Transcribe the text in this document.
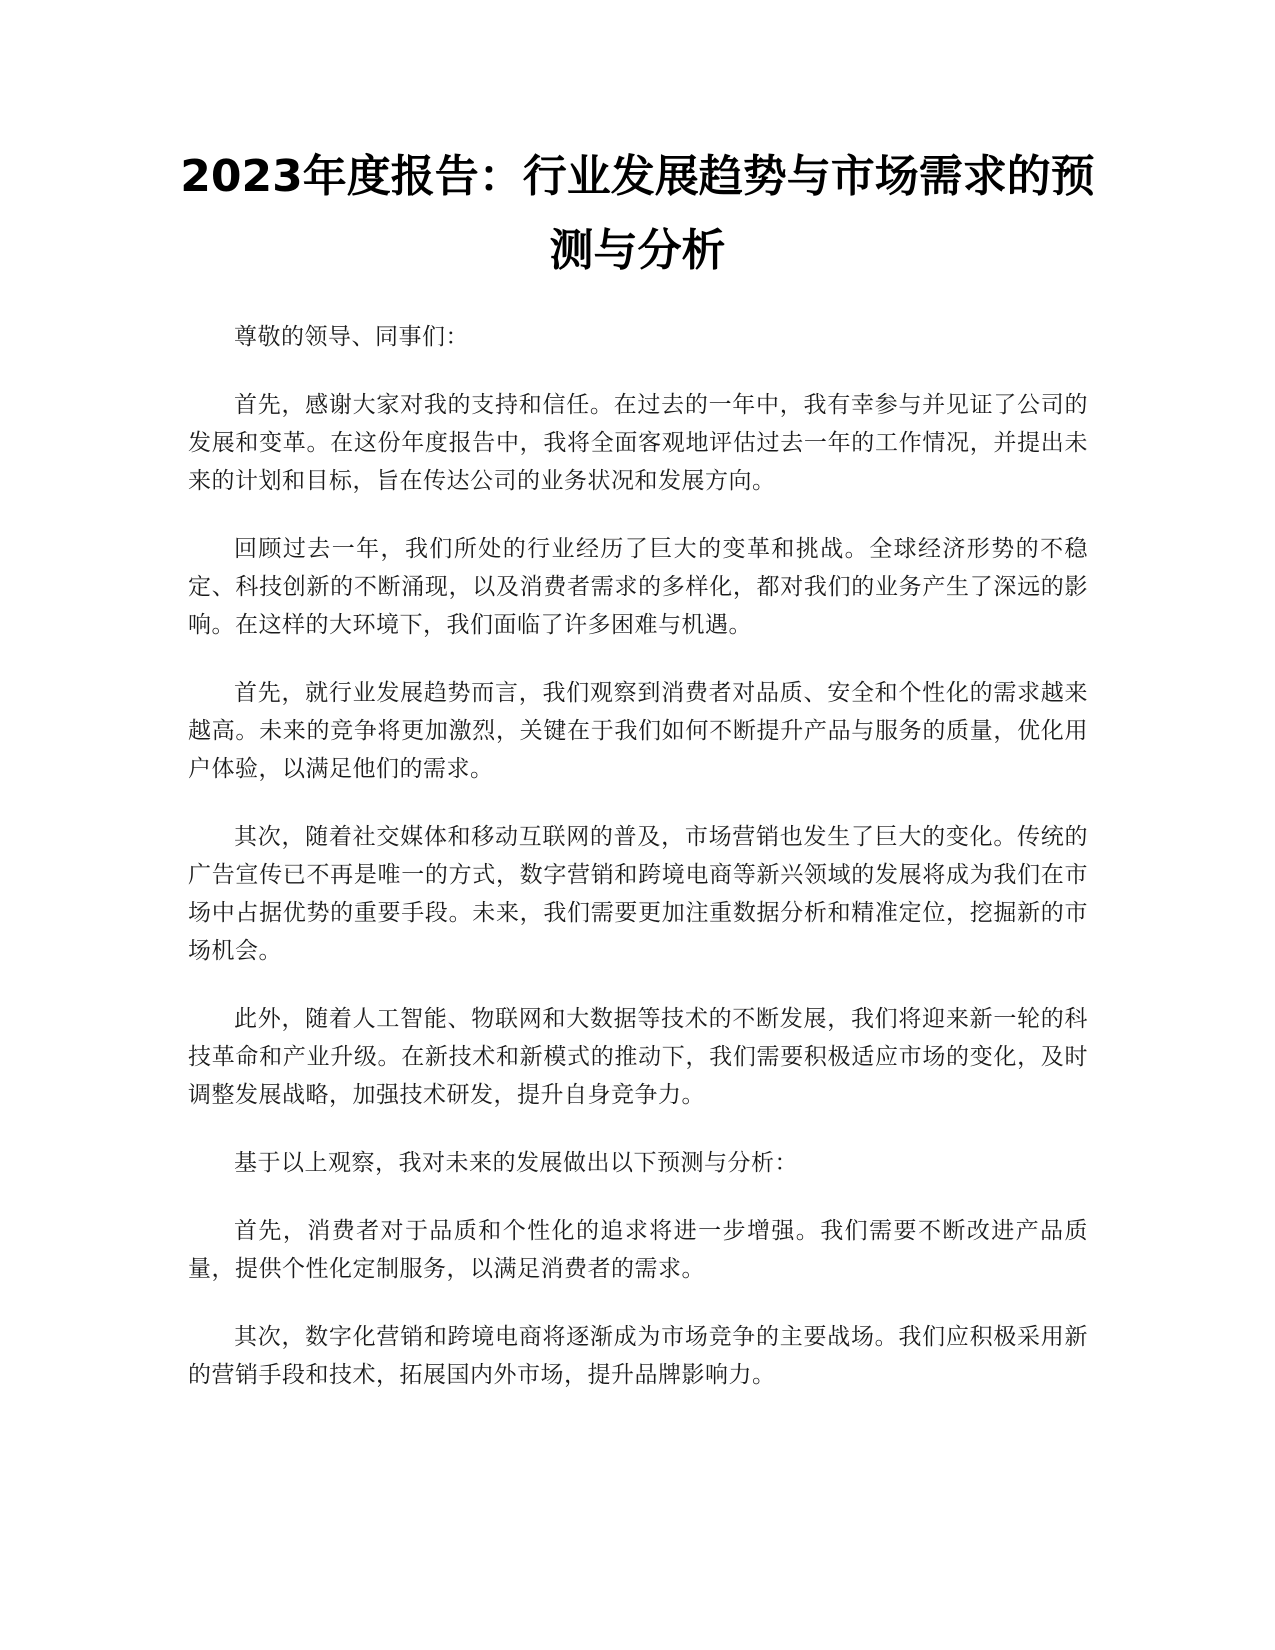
2023年度报告：行业发展趋势与市场需求的预测与分析

尊敬的领导、同事们：

首先，感谢大家对我的支持和信任。在过去的一年中，我有幸参与并见证了公司的发展和变革。在这份年度报告中，我将全面客观地评估过去一年的工作情况，并提出未来的计划和目标，旨在传达公司的业务状况和发展方向。

回顾过去一年，我们所处的行业经历了巨大的变革和挑战。全球经济形势的不稳定、科技创新的不断涌现，以及消费者需求的多样化，都对我们的业务产生了深远的影响。在这样的大环境下，我们面临了许多困难与机遇。

首先，就行业发展趋势而言，我们观察到消费者对品质、安全和个性化的需求越来越高。未来的竞争将更加激烈，关键在于我们如何不断提升产品与服务的质量，优化用户体验，以满足他们的需求。

其次，随着社交媒体和移动互联网的普及，市场营销也发生了巨大的变化。传统的广告宣传已不再是唯一的方式，数字营销和跨境电商等新兴领域的发展将成为我们在市场中占据优势的重要手段。未来，我们需要更加注重数据分析和精准定位，挖掘新的市场机会。

此外，随着人工智能、物联网和大数据等技术的不断发展，我们将迎来新一轮的科技革命和产业升级。在新技术和新模式的推动下，我们需要积极适应市场的变化，及时调整发展战略，加强技术研发，提升自身竞争力。

基于以上观察，我对未来的发展做出以下预测与分析：

首先，消费者对于品质和个性化的追求将进一步增强。我们需要不断改进产品质量，提供个性化定制服务，以满足消费者的需求。

其次，数字化营销和跨境电商将逐渐成为市场竞争的主要战场。我们应积极采用新的营销手段和技术，拓展国内外市场，提升品牌影响力。
